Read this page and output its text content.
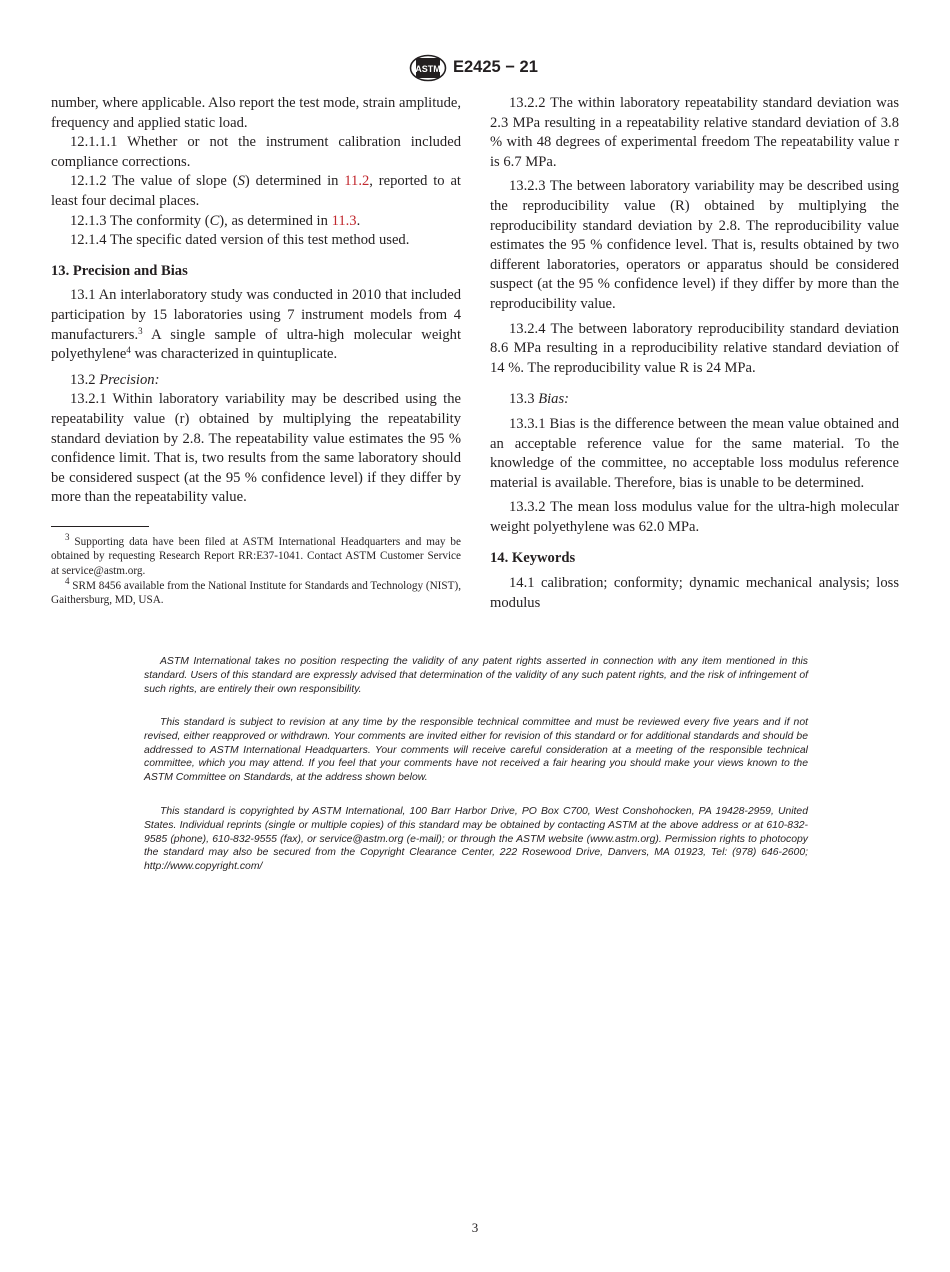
ASTM E2425 − 21

number, where applicable. Also report the test mode, strain amplitude, frequency and applied static load.

12.1.1.1 Whether or not the instrument calibration included compliance corrections.

12.1.2 The value of slope (S) determined in 11.2, reported to at least four decimal places.

12.1.3 The conformity (C), as determined in 11.3.

12.1.4 The specific dated version of this test method used.

13. Precision and Bias

13.1 An interlaboratory study was conducted in 2010 that included participation by 15 laboratories using 7 instrument models from 4 manufacturers.$^3$ A single sample of ultra-high molecular weight polyethylene$^4$ was characterized in quintuplicate.

13.2 Precision:

13.2.1 Within laboratory variability may be described using the repeatability value (r) obtained by multiplying the repeatability standard deviation by 2.8. The repeatability value estimates the 95 % confidence limit. That is, two results from the same laboratory should be considered suspect (at the 95 % confidence level) if they differ by more than the repeatability value.

$^3$ Supporting data have been filed at ASTM International Headquarters and may be obtained by requesting Research Report RR:E37-1041. Contact ASTM Customer Service at service@astm.org.

$^4$ SRM 8456 available from the National Institute for Standards and Technology (NIST), Gaithersburg, MD, USA.

13.2.2 The within laboratory repeatability standard deviation was 2.3 MPa resulting in a repeatability relative standard deviation of 3.8 % with 48 degrees of experimental freedom The repeatability value r is 6.7 MPa.

13.2.3 The between laboratory variability may be described using the reproducibility value (R) obtained by multiplying the reproducibility standard deviation by 2.8. The reproducibility value estimates the 95 % confidence level. That is, results obtained by two different laboratories, operators or apparatus should be considered suspect (at the 95 % confidence level) if they differ by more than the reproducibility value.

13.2.4 The between laboratory reproducibility standard deviation 8.6 MPa resulting in a reproducibility relative standard deviation of 14 %. The reproducibility value R is 24 MPa.

13.3 Bias:

13.3.1 Bias is the difference between the mean value obtained and an acceptable reference value for the same material. To the knowledge of the committee, no acceptable loss modulus reference material is available. Therefore, bias is unable to be determined.

13.3.2 The mean loss modulus value for the ultra-high molecular weight polyethylene was 62.0 MPa.

14. Keywords

14.1 calibration; conformity; dynamic mechanical analysis; loss modulus

ASTM International takes no position respecting the validity of any patent rights asserted in connection with any item mentioned in this standard. Users of this standard are expressly advised that determination of the validity of any such patent rights, and the risk of infringement of such rights, are entirely their own responsibility.

This standard is subject to revision at any time by the responsible technical committee and must be reviewed every five years and if not revised, either reapproved or withdrawn. Your comments are invited either for revision of this standard or for additional standards and should be addressed to ASTM International Headquarters. Your comments will receive careful consideration at a meeting of the responsible technical committee, which you may attend. If you feel that your comments have not received a fair hearing you should make your views known to the ASTM Committee on Standards, at the address shown below.

This standard is copyrighted by ASTM International, 100 Barr Harbor Drive, PO Box C700, West Conshohocken, PA 19428-2959, United States. Individual reprints (single or multiple copies) of this standard may be obtained by contacting ASTM at the above address or at 610-832-9585 (phone), 610-832-9555 (fax), or service@astm.org (e-mail); or through the ASTM website (www.astm.org). Permission rights to photocopy the standard may also be secured from the Copyright Clearance Center, 222 Rosewood Drive, Danvers, MA 01923, Tel: (978) 646-2600; http://www.copyright.com/

3
